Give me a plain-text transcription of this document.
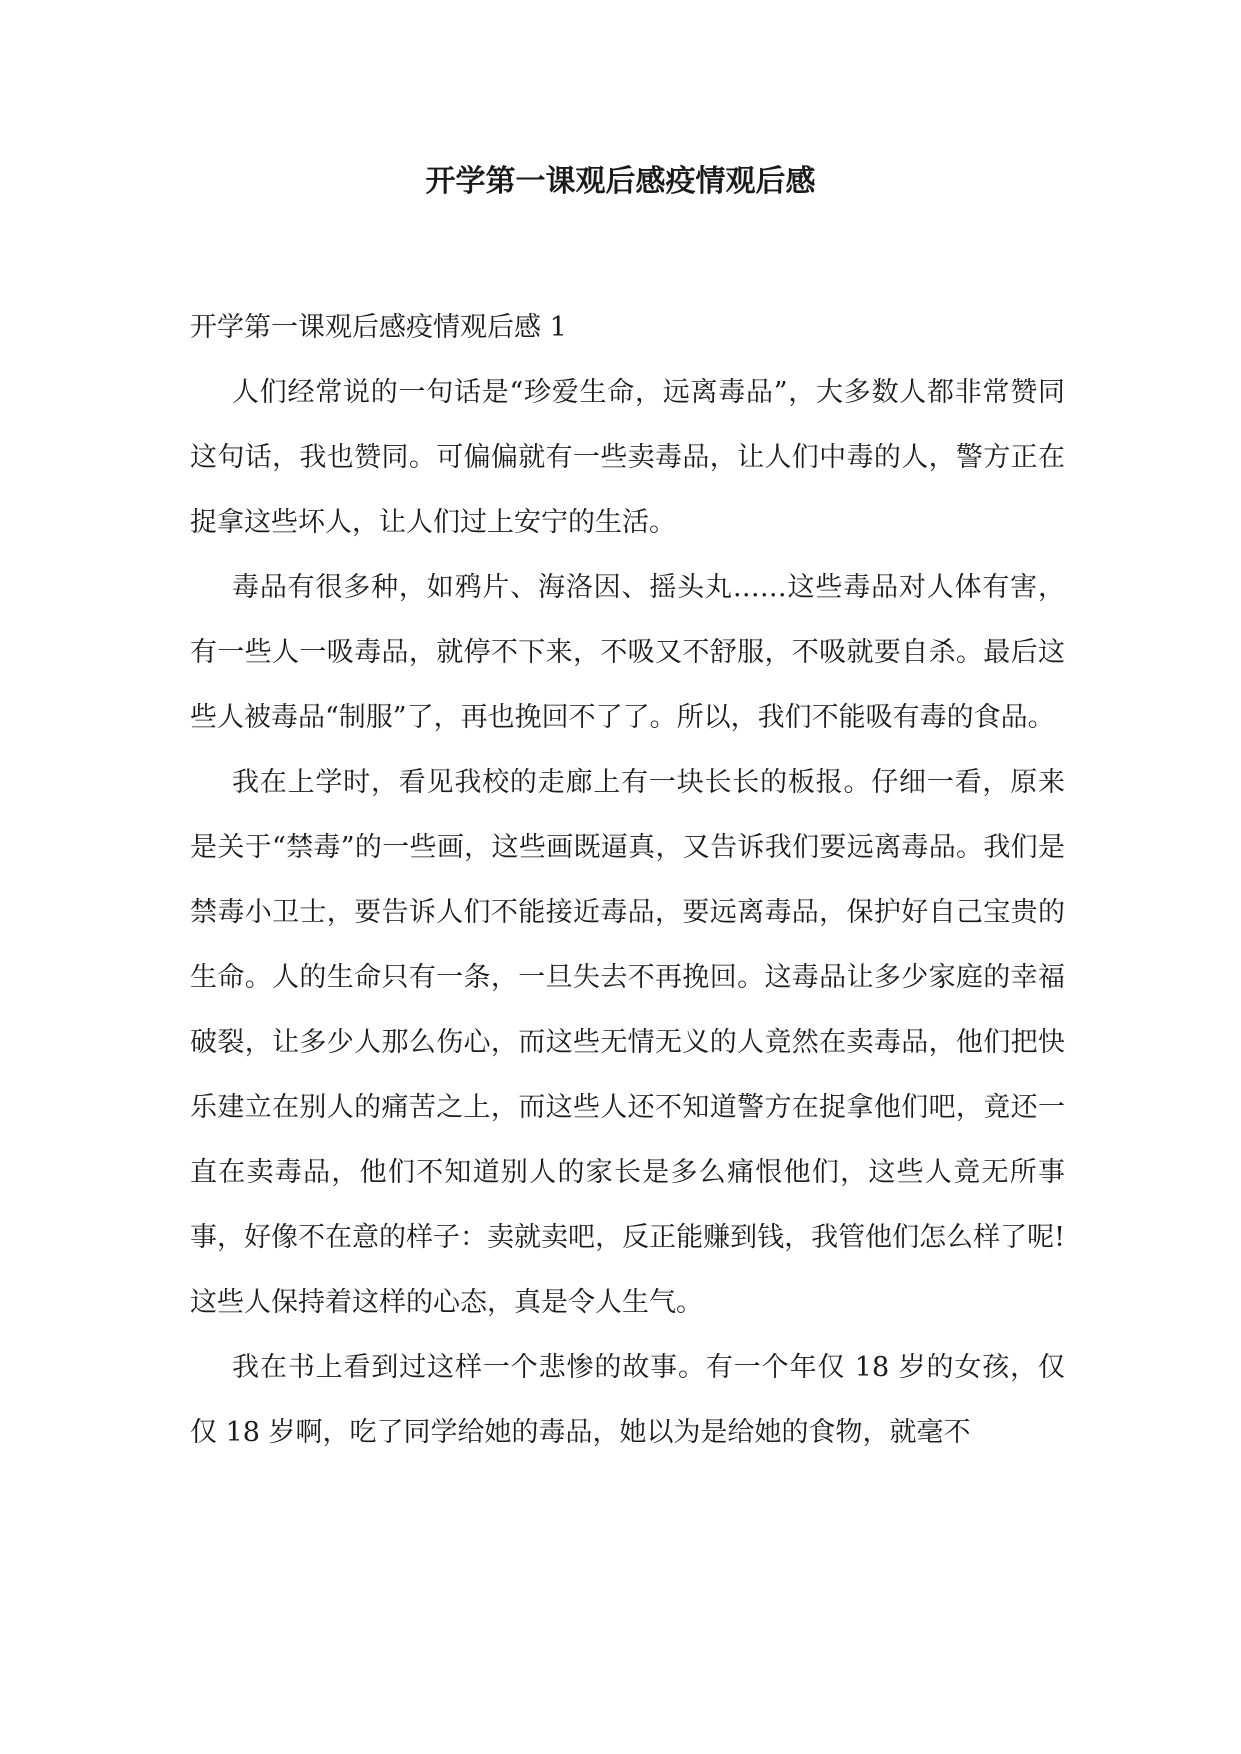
开学第一课观后感疫情观后感
开学第一课观后感疫情观后感 1

人们经常说的一句话是“珍爱生命，远离毒品”，大多数人都非常赞同这句话，我也赞同。可偏偏就有一些卖毒品，让人们中毒的人，警方正在捉拿这些坏人，让人们过上安宁的生活。

毒品有很多种，如鸦片、海洛因、摇头丸……这些毒品对人体有害，有一些人一吸毒品，就停不下来，不吸又不舒服，不吸就要自杀。最后这些人被毒品“制服”了，再也挽回不了了。所以，我们不能吸有毒的食品。

我在上学时，看见我校的走廊上有一块长长的板报。仔细一看，原来是关于“禁毒”的一些画，这些画既逼真，又告诉我们要远离毒品。我们是禁毒小卫士，要告诉人们不能接近毒品，要远离毒品，保护好自己宝贵的生命。人的生命只有一条，一旦失去不再挽回。这毒品让多少家庭的幸福破裂，让多少人那么伤心，而这些无情无义的人竟然在卖毒品，他们把快乐建立在别人的痛苦之上，而这些人还不知道警方在捉拿他们吧，竟还一直在卖毒品，他们不知道别人的家长是多么痛恨他们，这些人竟无所事事，好像不在意的样子：卖就卖吧，反正能赚到钱，我管他们怎么样了呢!这些人保持着这样的心态，真是令人生气。

我在书上看到过这样一个悲惨的故事。有一个年仅 18 岁的女孩，仅仅 18 岁啊，吃了同学给她的毒品，她以为是给她的食物，就毫不
